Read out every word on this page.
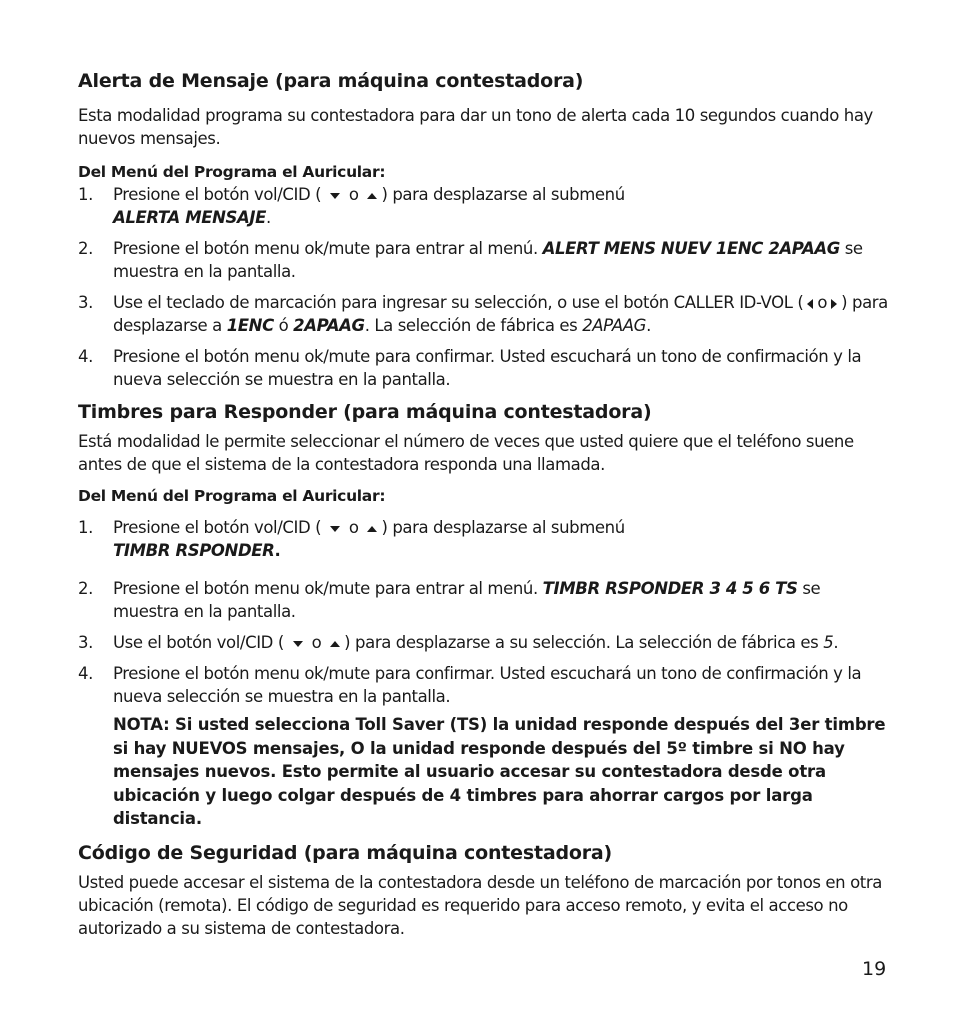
Alerta de Mensaje (para máquina contestadora)

Esta modalidad programa su contestadora para dar un tono de alerta cada 10 segundos cuando hay nuevos mensajes.

Del Menú del Programa el Auricular:

1. Presione el botón vol/CID ( o ) para desplazarse al submenú
ALERTA MENSAJE.
2. Presione el botón menu ok/mute para entrar al menú. ALERT MENS NUEV 1ENC 2APAAG se muestra en la pantalla.
3. Use el teclado de marcación para ingresar su selección, o use el botón CALLER ID-VOL ( o ) para desplazarse a 1ENC ó 2APAAG. La selección de fábrica es 2APAAG.
4. Presione el botón menu ok/mute para confirmar. Usted escuchará un tono de confirmación y la nueva selección se muestra en la pantalla.
Timbres para Responder (para máquina contestadora)

Está modalidad le permite seleccionar el número de veces que usted quiere que el teléfono suene antes de que el sistema de la contestadora responda una llamada.

Del Menú del Programa el Auricular:

1. Presione el botón vol/CID ( o ) para desplazarse al submenú
TIMBR RSPONDER.
2. Presione el botón menu ok/mute para entrar al menú. TIMBR RSPONDER 3 4 5 6 TS se muestra en la pantalla.
3. Use el botón vol/CID ( o ) para desplazarse a su selección. La selección de fábrica es 5.
4. Presione el botón menu ok/mute para confirmar. Usted escuchará un tono de confirmación y la nueva selección se muestra en la pantalla.

NOTA: Si usted selecciona Toll Saver (TS) la unidad responde después del 3er timbre si hay NUEVOS mensajes, O la unidad responde después del 5º timbre si NO hay mensajes nuevos. Esto permite al usuario accesar su contestadora desde otra ubicación y luego colgar después de 4 timbres para ahorrar cargos por larga distancia.

Código de Seguridad (para máquina contestadora)

Usted puede accesar el sistema de la contestadora desde un teléfono de marcación por tonos en otra ubicación (remota). El código de seguridad es requerido para acceso remoto, y evita el acceso no autorizado a su sistema de contestadora.

19
